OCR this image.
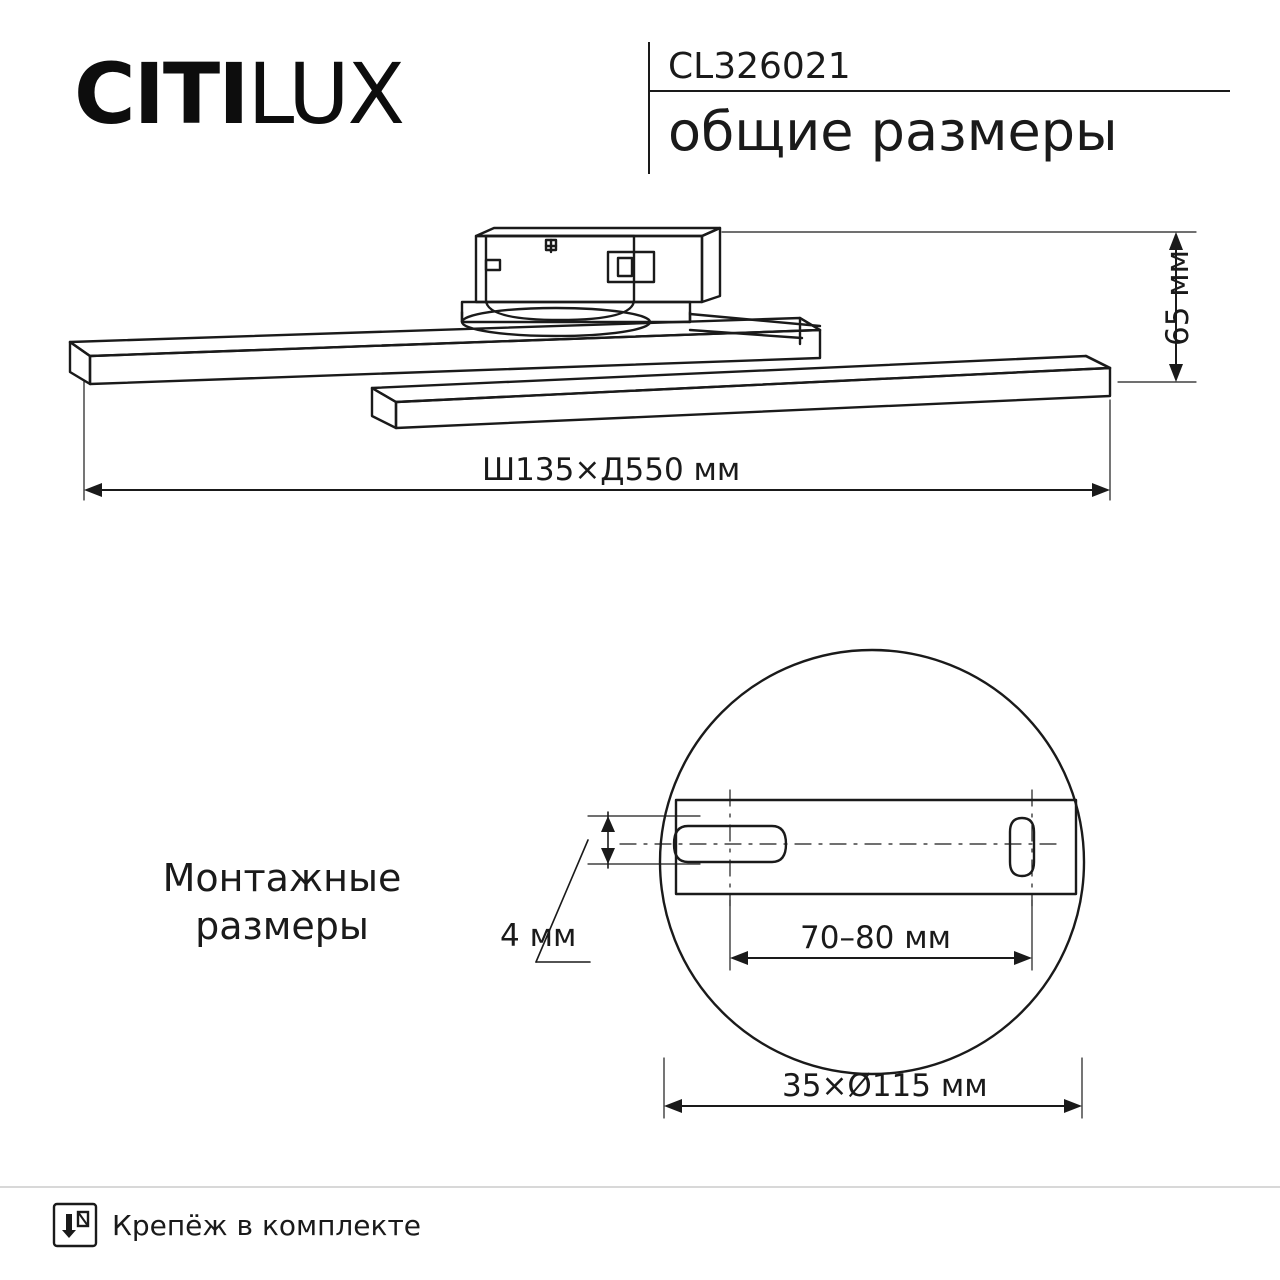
CITILUX	CL326021
общие размеры
65 мм
Ш135×Д550 мм
4 мм	70–80 мм
35×Ø115 мм
Монтажные
размеры
Крепёж в комплекте
